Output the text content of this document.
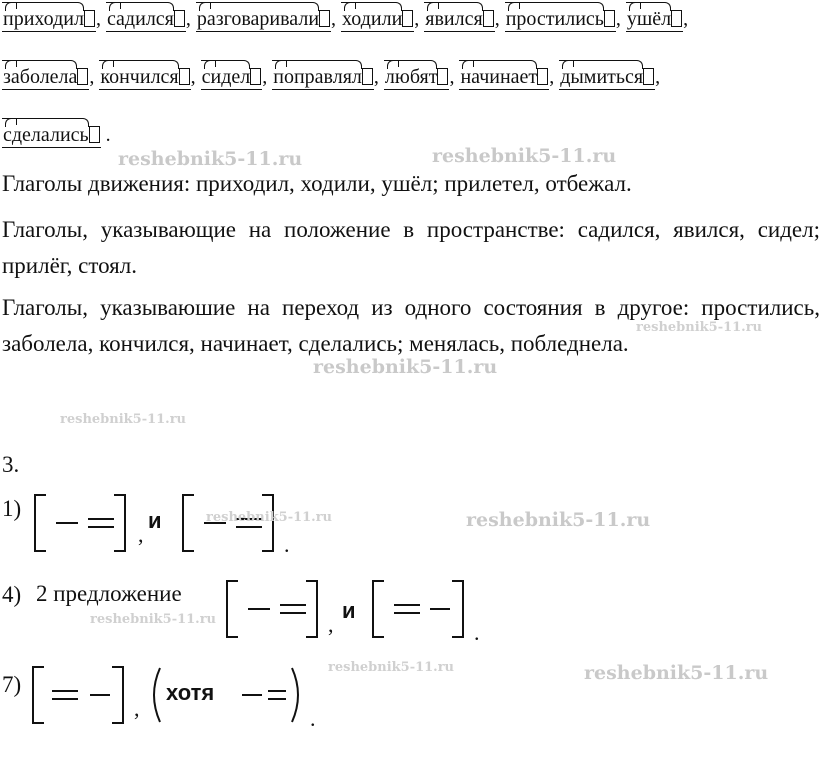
приходил , садился , разговаривали , ходили , явился , простились , ушёл ,
заболела , кончился , сидел , поправлял , любят , начинает , дымиться ,
сделались .
reshebnik5-11.ru	reshebnik5-11.ru
Глаголы движения: приходил, ходили, ушёл; прилетел, отбежал.
Глаголы, указывающие на положение в пространстве: садился, явился, сидел; прилёг, стоял.
Глаголы, указываюшие на переход из одного состояния в другое: простились, заболела, кончился, начинает, сделались; менялась, побледнела.
reshebnik5-11.ru
reshebnik5-11.ru
reshebnik5-11.ru
3.
1)
,
и
.
reshebnik5-11.ru	reshebnik5-11.ru
4) 2 предложение
,
и
.
reshebnik5-11.ru
7)
,
хотя
.
reshebnik5-11.ru	reshebnik5-11.ru
